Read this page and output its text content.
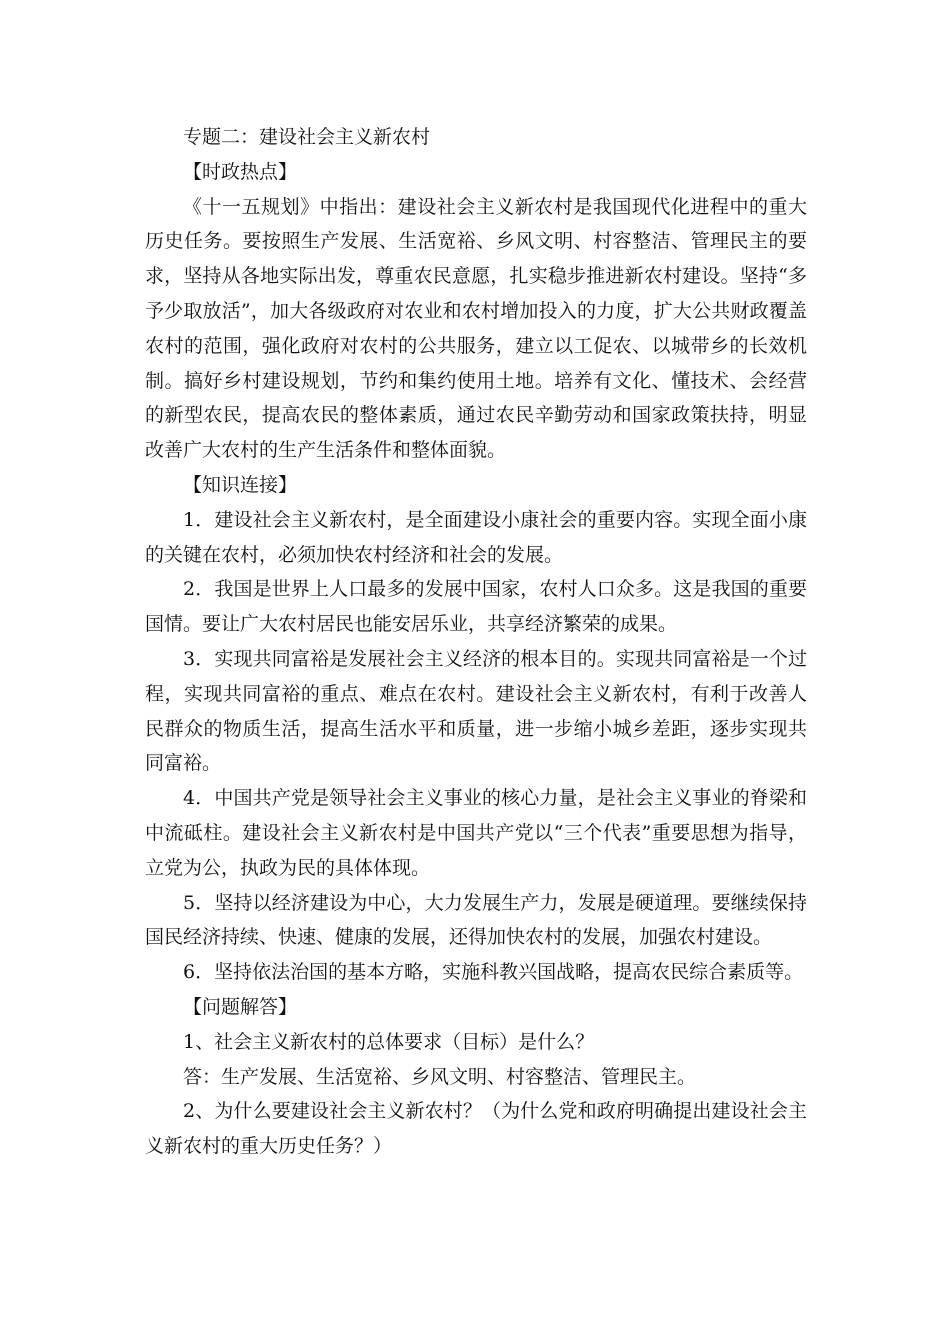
专题二：建设社会主义新农村

【时政热点】

《十一五规划》中指出：建设社会主义新农村是我国现代化进程中的重大历史任务。要按照生产发展、生活宽裕、乡风文明、村容整洁、管理民主的要求，坚持从各地实际出发，尊重农民意愿，扎实稳步推进新农村建设。坚持“多予少取放活”，加大各级政府对农业和农村增加投入的力度，扩大公共财政覆盖农村的范围，强化政府对农村的公共服务，建立以工促农、以城带乡的长效机制。搞好乡村建设规划，节约和集约使用土地。培养有文化、懂技术、会经营的新型农民，提高农民的整体素质，通过农民辛勤劳动和国家政策扶持，明显改善广大农村的生产生活条件和整体面貌。

【知识连接】

1．建设社会主义新农村，是全面建设小康社会的重要内容。实现全面小康的关键在农村，必须加快农村经济和社会的发展。

2．我国是世界上人口最多的发展中国家，农村人口众多。这是我国的重要国情。要让广大农村居民也能安居乐业，共享经济繁荣的成果。

3．实现共同富裕是发展社会主义经济的根本目的。实现共同富裕是一个过程，实现共同富裕的重点、难点在农村。建设社会主义新农村，有利于改善人民群众的物质生活，提高生活水平和质量，进一步缩小城乡差距，逐步实现共同富裕。

4．中国共产党是领导社会主义事业的核心力量，是社会主义事业的脊梁和中流砥柱。建设社会主义新农村是中国共产党以“三个代表”重要思想为指导，立党为公，执政为民的具体体现。

5．坚持以经济建设为中心，大力发展生产力，发展是硬道理。要继续保持国民经济持续、快速、健康的发展，还得加快农村的发展，加强农村建设。

6．坚持依法治国的基本方略，实施科教兴国战略，提高农民综合素质等。

【问题解答】

1、社会主义新农村的总体要求（目标）是什么？

答：生产发展、生活宽裕、乡风文明、村容整洁、管理民主。

2、为什么要建设社会主义新农村？（为什么党和政府明确提出建设社会主义新农村的重大历史任务？）
